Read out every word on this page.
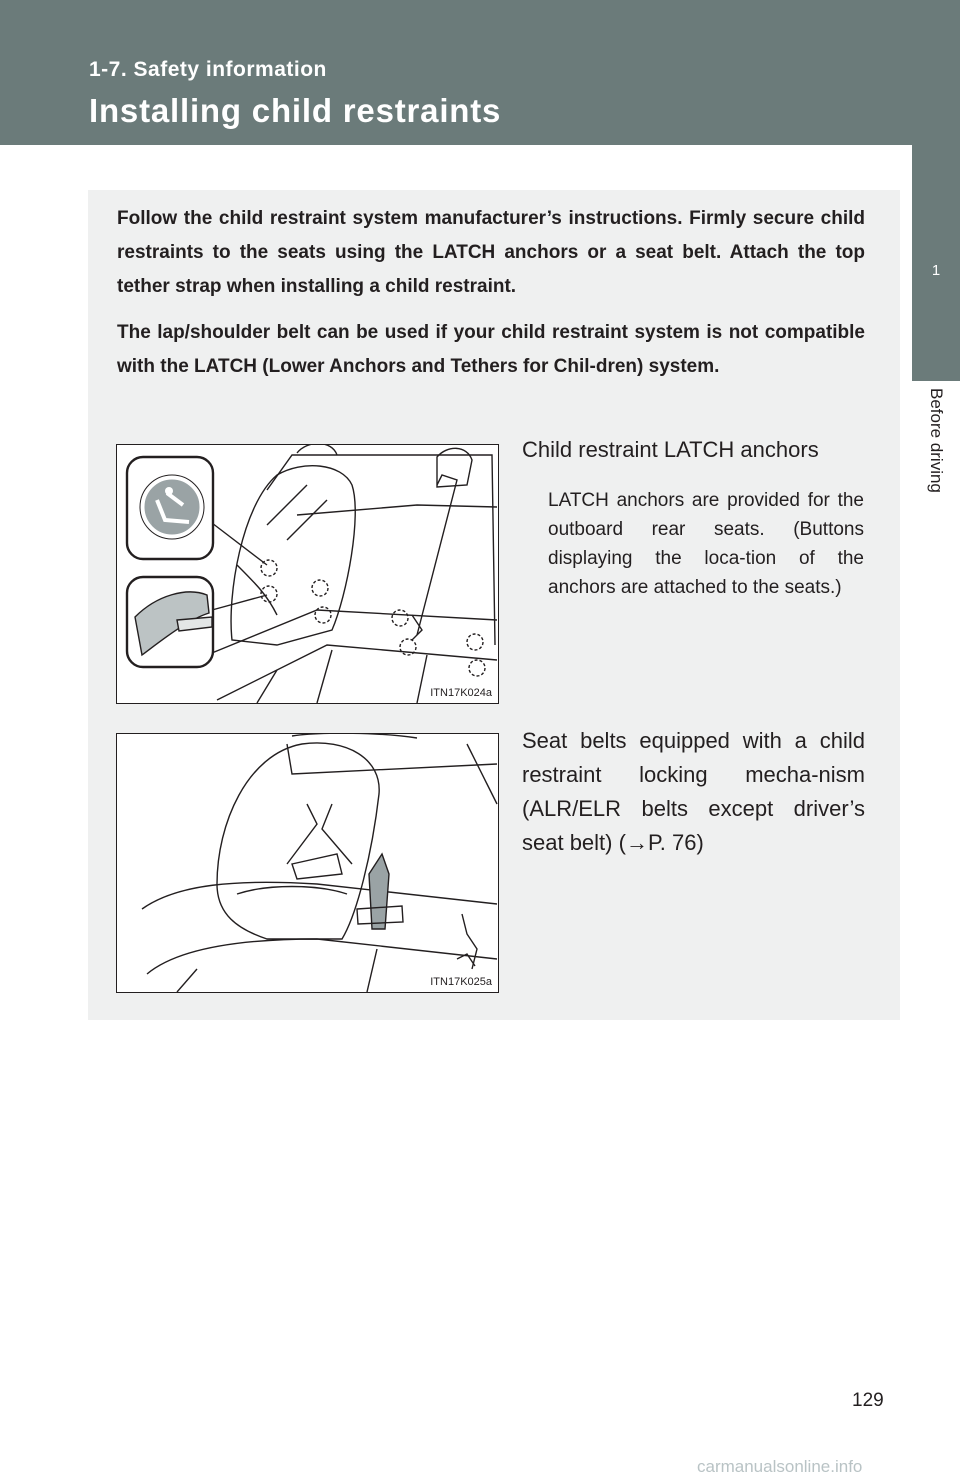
1-7. Safety information
Installing child restraints
1
Before driving

Follow the child restraint system manufacturer’s instructions. Firmly secure child restraints to the seats using the LATCH anchors or a seat belt. Attach the top tether strap when installing a child restraint.

The lap/shoulder belt can be used if your child restraint system is not compatible with the LATCH (Lower Anchors and Tethers for Chil-dren) system.

ITN17K024a
Child restraint LATCH anchors

LATCH anchors are provided for the outboard rear seats. (Buttons displaying the loca-tion of the anchors are attached to the seats.)

ITN17K025a

Seat belts equipped with a child restraint locking mecha-nism (ALR/ELR belts except driver’s seat belt) (→P. 76)

129
carmanualsonline.info
